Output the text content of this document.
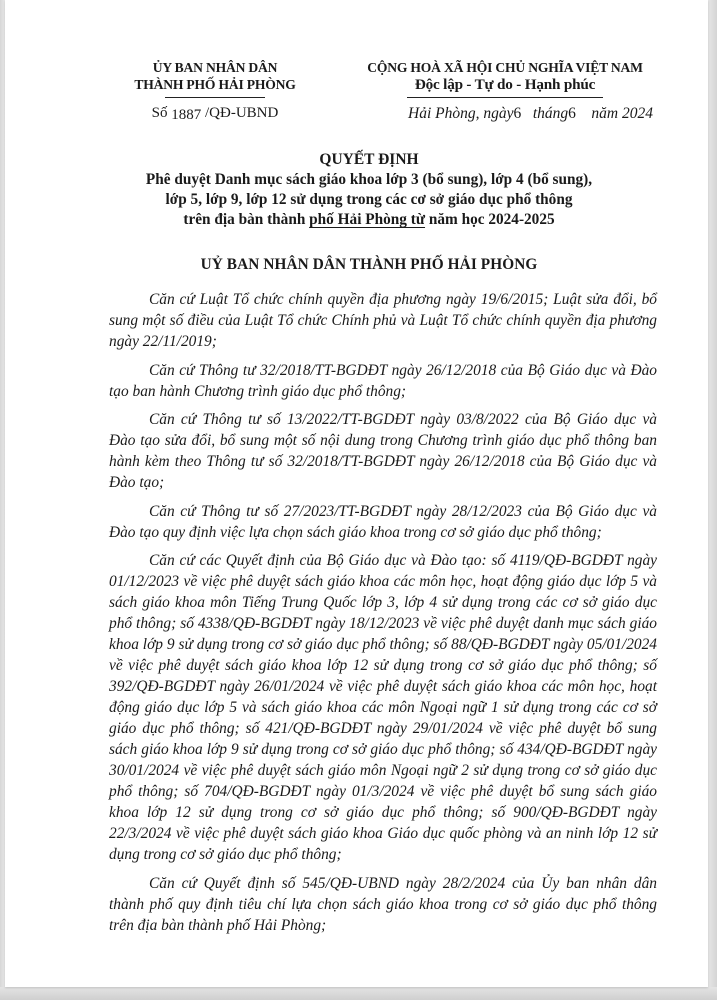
ỦY BAN NHÂN DÂN
THÀNH PHỐ HẢI PHÒNG
Số 1887 /QĐ-UBND
CỘNG HOÀ XÃ HỘI CHỦ NGHĨA VIỆT NAM
Độc lập - Tự do - Hạnh phúc
Hải Phòng, ngày6 tháng6 năm 2024
QUYẾT ĐỊNH
Phê duyệt Danh mục sách giáo khoa lớp 3 (bổ sung), lớp 4 (bổ sung),
lớp 5, lớp 9, lớp 12 sử dụng trong các cơ sở giáo dục phổ thông
trên địa bàn thành phố Hải Phòng từ năm học 2024-2025
UỶ BAN NHÂN DÂN THÀNH PHỐ HẢI PHÒNG

Căn cứ Luật Tổ chức chính quyền địa phương ngày 19/6/2015; Luật sửa đổi, bổ sung một số điều của Luật Tổ chức Chính phủ và Luật Tổ chức chính quyền địa phương ngày 22/11/2019;

Căn cứ Thông tư 32/2018/TT-BGDĐT ngày 26/12/2018 của Bộ Giáo dục và Đào tạo ban hành Chương trình giáo dục phổ thông;

Căn cứ Thông tư số 13/2022/TT-BGDĐT ngày 03/8/2022 của Bộ Giáo dục và Đào tạo sửa đổi, bổ sung một số nội dung trong Chương trình giáo dục phổ thông ban hành kèm theo Thông tư số 32/2018/TT-BGDĐT ngày 26/12/2018 của Bộ Giáo dục và Đào tạo;

Căn cứ Thông tư số 27/2023/TT-BGDĐT ngày 28/12/2023 của Bộ Giáo dục và Đào tạo quy định việc lựa chọn sách giáo khoa trong cơ sở giáo dục phổ thông;

Căn cứ các Quyết định của Bộ Giáo dục và Đào tạo: số 4119/QĐ-BGDĐT ngày 01/12/2023 về việc phê duyệt sách giáo khoa các môn học, hoạt động giáo dục lớp 5 và sách giáo khoa môn Tiếng Trung Quốc lớp 3, lớp 4 sử dụng trong các cơ sở giáo dục phổ thông; số 4338/QĐ-BGDĐT ngày 18/12/2023 về việc phê duyệt danh mục sách giáo khoa lớp 9 sử dụng trong cơ sở giáo dục phổ thông; số 88/QĐ-BGDĐT ngày 05/01/2024 về việc phê duyệt sách giáo khoa lớp 12 sử dụng trong cơ sở giáo dục phổ thông; số 392/QĐ-BGDĐT ngày 26/01/2024 về việc phê duyệt sách giáo khoa các môn học, hoạt động giáo dục lớp 5 và sách giáo khoa các môn Ngoại ngữ 1 sử dụng trong các cơ sở giáo dục phổ thông; số 421/QĐ-BGDĐT ngày 29/01/2024 về việc phê duyệt bổ sung sách giáo khoa lớp 9 sử dụng trong cơ sở giáo dục phổ thông; số 434/QĐ-BGDĐT ngày 30/01/2024 về việc phê duyệt sách giáo môn Ngoại ngữ 2 sử dụng trong cơ sở giáo dục phổ thông; số 704/QĐ-BGDĐT ngày 01/3/2024 về việc phê duyệt bổ sung sách giáo khoa lớp 12 sử dụng trong cơ sở giáo dục phổ thông; số 900/QĐ-BGDĐT ngày 22/3/2024 về việc phê duyệt sách giáo khoa Giáo dục quốc phòng và an ninh lớp 12 sử dụng trong cơ sở giáo dục phổ thông;

Căn cứ Quyết định số 545/QĐ-UBND ngày 28/2/2024 của Ủy ban nhân dân thành phố quy định tiêu chí lựa chọn sách giáo khoa trong cơ sở giáo dục phổ thông trên địa bàn thành phố Hải Phòng;
